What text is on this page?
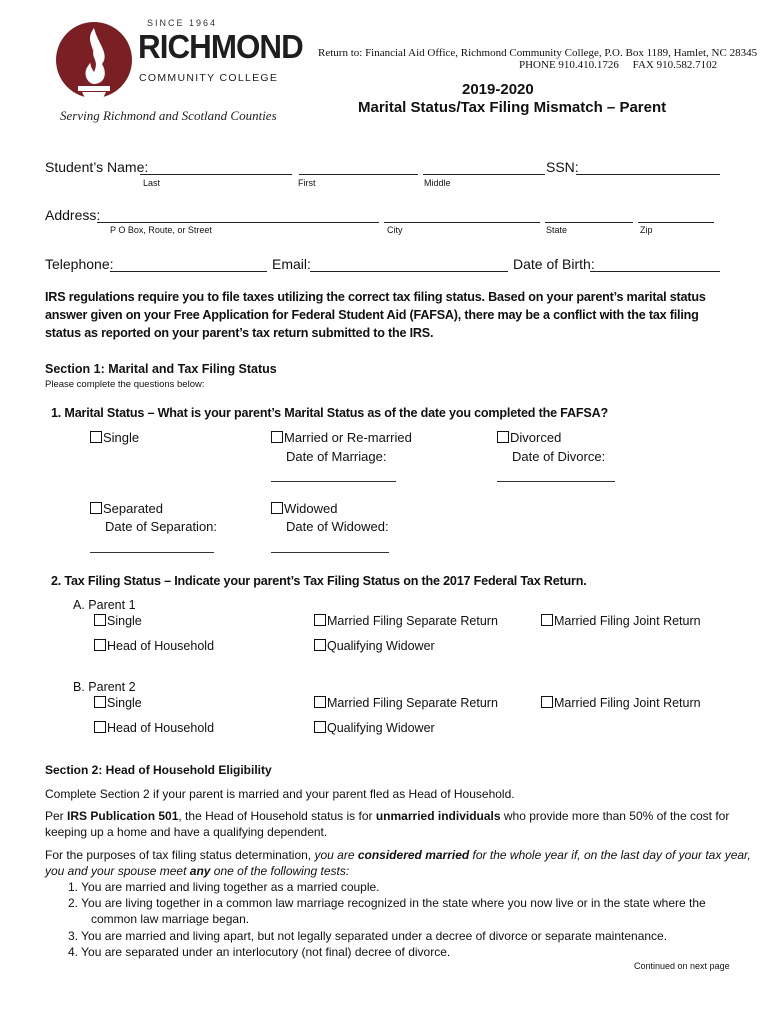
SINCE 1964
RICHMOND
COMMUNITY COLLEGE
Serving Richmond and Scotland Counties
Return to: Financial Aid Office, Richmond Community College, P.O. Box 1189, Hamlet, NC 28345
PHONE 910.410.1726     FAX 910.582.7102
2019-2020
Marital Status/Tax Filing Mismatch – Parent
Student’s Name:	SSN:
Last	First	Middle
Address:
P O Box, Route, or Street	City	State	Zip
Telephone:	Email:	Date of Birth:
IRS regulations require you to file taxes utilizing the correct tax filing status. Based on your parent’s marital status
answer given on your Free Application for Federal Student Aid (FAFSA), there may be a conflict with the tax filing
status as reported on your parent’s tax return submitted to the IRS.
Section 1: Marital and Tax Filing Status
Please complete the questions below:
1. Marital Status – What is your parent’s Marital Status as of the date you completed the FAFSA?
Single	Married or Re-married
Date of Marriage:
Divorced
Date of Divorce:
Separated
Date of Separation:
Widowed
Date of Widowed:
2. Tax Filing Status – Indicate your parent’s Tax Filing Status on the 2017 Federal Tax Return.
A. Parent 1
Single	Married Filing Separate Return	Married Filing Joint Return
Head of Household	Qualifying Widower
B. Parent 2
Single	Married Filing Separate Return	Married Filing Joint Return
Head of Household	Qualifying Widower
Section 2: Head of Household Eligibility
Complete Section 2 if your parent is married and your parent fled as Head of Household.
Per IRS Publication 501, the Head of Household status is for unmarried individuals who provide more than 50% of the cost for
keeping up a home and have a qualifying dependent.
For the purposes of tax filing status determination, you are considered married for the whole year if, on the last day of your tax year,
you and your spouse meet any one of the following tests:
1. You are married and living together as a married couple.
2. You are living together in a common law marriage recognized in the state where you now live or in the state where the
common law marriage began.
3. You are married and living apart, but not legally separated under a decree of divorce or separate maintenance.
4. You are separated under an interlocutory (not final) decree of divorce.
Continued on next page
